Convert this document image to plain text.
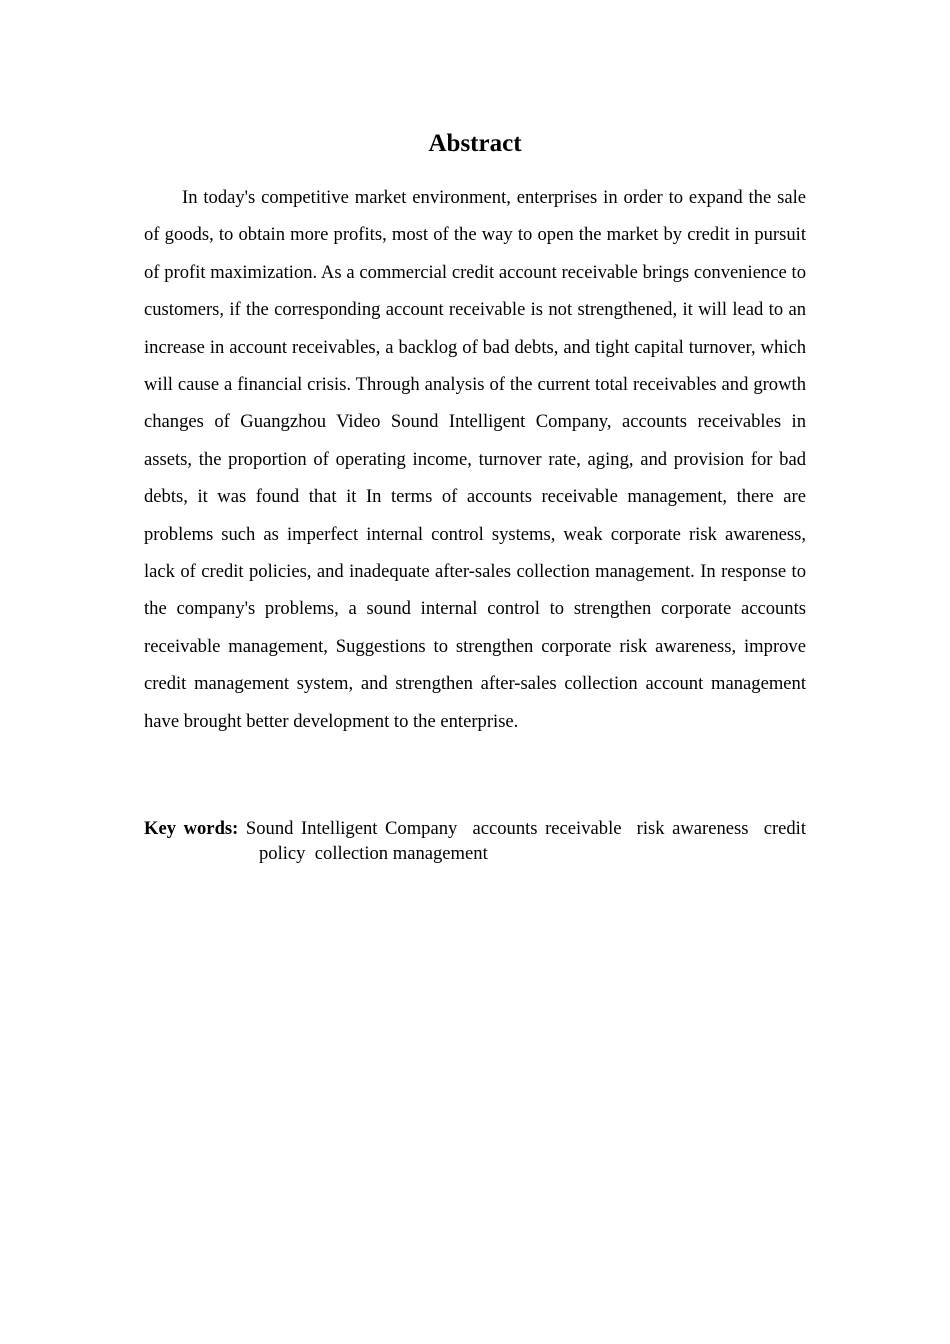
Abstract

In today's competitive market environment, enterprises in order to expand the sale of goods, to obtain more profits, most of the way to open the market by credit in pursuit of profit maximization. As a commercial credit account receivable brings convenience to customers, if the corresponding account receivable is not strengthened, it will lead to an increase in account receivables, a backlog of bad debts, and tight capital turnover, which will cause a financial crisis. Through analysis of the current total receivables and growth changes of Guangzhou Video Sound Intelligent Company, accounts receivables in assets, the proportion of operating income, turnover rate, aging, and provision for bad debts, it was found that it In terms of accounts receivable management, there are problems such as imperfect internal control systems, weak corporate risk awareness, lack of credit policies, and inadequate after-sales collection management. In response to the company's problems, a sound internal control to strengthen corporate accounts receivable management, Suggestions to strengthen corporate risk awareness, improve credit management system, and strengthen after-sales collection account management have brought better development to the enterprise.

Key words: Sound Intelligent Company accounts receivable risk awareness credit policy collection management
